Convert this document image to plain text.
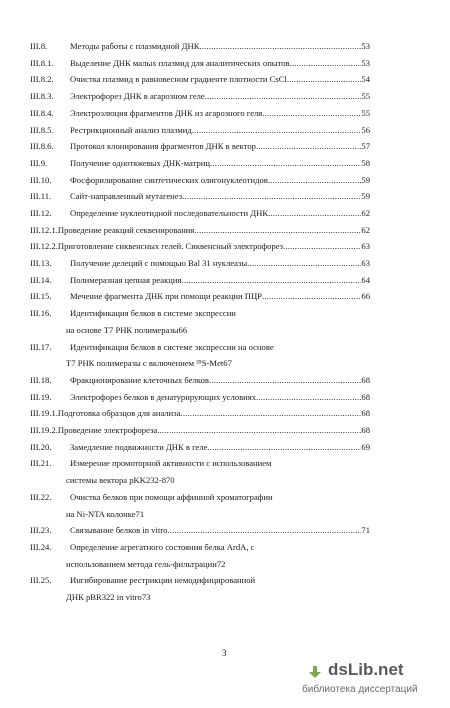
III.8.	Методы работы с плазмидной ДНК .....	53
III.8.1. Выделение ДНК малых плазмид для аналитических опытов .....	53
III.8.2. Очистка плазмид в равновесном градиенте плотности CsCl .....	54
III.8.3. Электрофорез ДНК в агарозном геле .....	55
III.8.4. Электроэлюция фрагментов ДНК из агарозного геля .....	55
III.8.5. Рестрикционный анализ плазмид .....	56
III.8.6. Протокол клонирования фрагментов ДНК в вектор .....	57
III.9.	Получение однотяжевых ДНК-матриц .....	58
III.10. Фосфорилирование синтетических олигонуклеотидов .....	59
III.11. Сайт-направленный мутагенез .....	59
III.12. Определение нуклеотидной последовательности ДНК .....	62
III.12.1.Проведение реакций секвенирования .....	62
III.12.2.Приготовление сиквенсных гелей. Сиквенсный электрофорез .....	63
III.13. Получение делеций с помощью Bal 31 нуклеазы .....	63
III.14. Полимеразная цепная реакция .....	64
III.15. Мечение фрагмента ДНК при помощи реакции ПЦР .....	66
III.16. Идентификация белков в системе экспрессии
на основе Т7 РНК полимеразы 66
III.17. Идентификация белков в системе экспрессии на основе
Т7 РНК полимеразы с включением ³⁵S-Met 67
III.18. Фракционирование клеточных белков .....	68
III.19. Электрофорез белков в денатурирующих условиях .....	68
III.19.1.Подготовка образцов для анализа .....	68
III.19.2.Проведение электрофореза .....	68
III.20. Замедление подвижности ДНК в геле .....	69
III.21. Измерение промоторной активности с использованием
системы вектора pKK232-8 70
III.22. Очистка белков при помощи аффинной хроматографии
на Ni-NTA колонке 71
III.23. Связывание белков in vitro .....	71
III.24. Определение агрегатного состояния белка ArdA, с
использованием метода гель-фильтрации 72
III.25. Ингибирование рестрикции немодифицированной
ДНК pBR322 in vitro 73
3
dsLib.net
библиотека диссертаций
